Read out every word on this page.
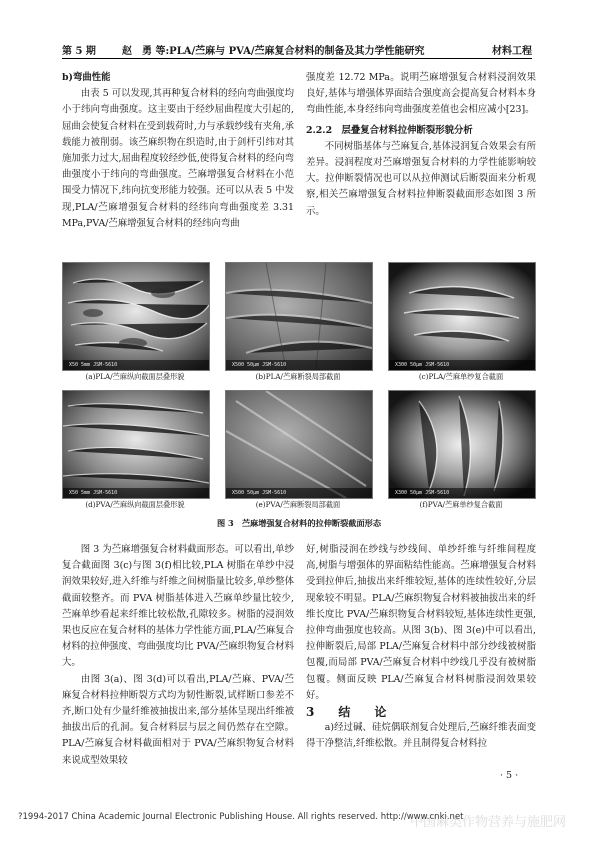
第 5 期	赵　勇 等:PLA/苎麻与 PVA/苎麻复合材料的制备及其力学性能研究	材料工程

b)弯曲性能

由表 5 可以发现,其再种复合材料的经向弯曲强度均小于纬向弯曲强度。这主要由于经纱屈曲程度大引起的,屈曲会使复合材料在受到载荷时,力与承载纱线有夹角,承载能力被削弱。该苎麻织物在织造时,由于剑杆引纬对其施加张力过大,屈曲程度较经纱低,使得复合材料的经向弯曲强度小于纬向的弯曲强度。苎麻增强复合材料在小范围受力情况下,纬向抗变形能力较强。还可以从表 5 中发现,PLA/苎麻增强复合材料的经纬向弯曲强度差 3.31 MPa,PVA/苎麻增强复合材料的经纬向弯曲

强度差 12.72 MPa。说明苎麻增强复合材料浸润效果良好,基体与增强体界面结合强度高会提高复合材料本身弯曲性能,本身经纬向弯曲强度差值也会相应减小[23]。

2.2.2　层叠复合材料拉伸断裂形貌分析

不同树脂基体与苎麻复合,基体浸润复合效果会有所差异。浸润程度对苎麻增强复合材料的力学性能影响较大。拉伸断裂情况也可以从拉伸测试后断裂面来分析观察,相关苎麻增强复合材料拉伸断裂截面形态如图 3 所示。

X50 5mm JSM-5610	X500 50μm JSM-5610	X300 50μm JSM-5610
(a)PLA/苎麻纵向截面层叠形貌	(b)PLA/苎麻断裂局部截面	(c)PLA/苎麻单纱复合截面
X50 5mm JSM-5610	X500 50μm JSM-5610	X300 50μm JSM-5610
(d)PVA/苎麻纵向截面层叠形貌	(e)PVA/苎麻断裂局部截面	(f)PVA/苎麻单纱复合截面
图 3　苎麻增强复合材料的拉伸断裂截面形态

图 3 为苎麻增强复合材料截面形态。可以看出,单纱复合截面图 3(c)与图 3(f)相比较,PLA 树脂在单纱中浸润效果较好,进入纤维与纤维之间树脂量比较多,单纱整体截面较整齐。而 PVA 树脂基体进入苎麻单纱量比较少,苎麻单纱看起来纤维比较松散,孔隙较多。树脂的浸润效果也反应在复合材料的基体力学性能方面,PLA/苎麻复合材料的拉伸强度、弯曲强度均比 PVA/苎麻织物复合材料大。

由图 3(a)、图 3(d)可以看出,PLA/苎麻、PVA/苎麻复合材料拉伸断裂方式均为韧性断裂,试样断口参差不齐,断口处有少量纤维被抽拔出来,部分基体呈现出纤维被抽拔出后的孔洞。复合材料层与层之间仍然存在空隙。PLA/苎麻复合材料截面相对于 PVA/苎麻织物复合材料来说成型效果较

好,树脂浸润在纱线与纱线间、单纱纤维与纤维间程度高,树脂与增强体的界面粘结性能高。苎麻增强复合材料受到拉伸后,抽拔出来纤维较短,基体的连续性较好,分层现象较不明显。PLA/苎麻织物复合材料被抽拔出来的纤维长度比 PVA/苎麻织物复合材料较短,基体连续性更强,拉伸弯曲强度也较高。从图 3(b)、图 3(e)中可以看出,拉伸断裂后,局部 PLA/苎麻复合材料中部分纱线被树脂包覆,而局部 PVA/苎麻复合材料中纱线几乎没有被树脂包覆。侧面反映 PLA/苎麻复合材料树脂浸润效果较好。

3　结　论

a)经过碱、硅烷偶联剂复合处理后,苎麻纤维表面变得干净整洁,纤维松散。并且制得复合材料拉

· 5 ·
?1994-2017 China Academic Journal Electronic Publishing House. All rights reserved. http://www.cnki.net
中国麻类作物营养与施肥网
